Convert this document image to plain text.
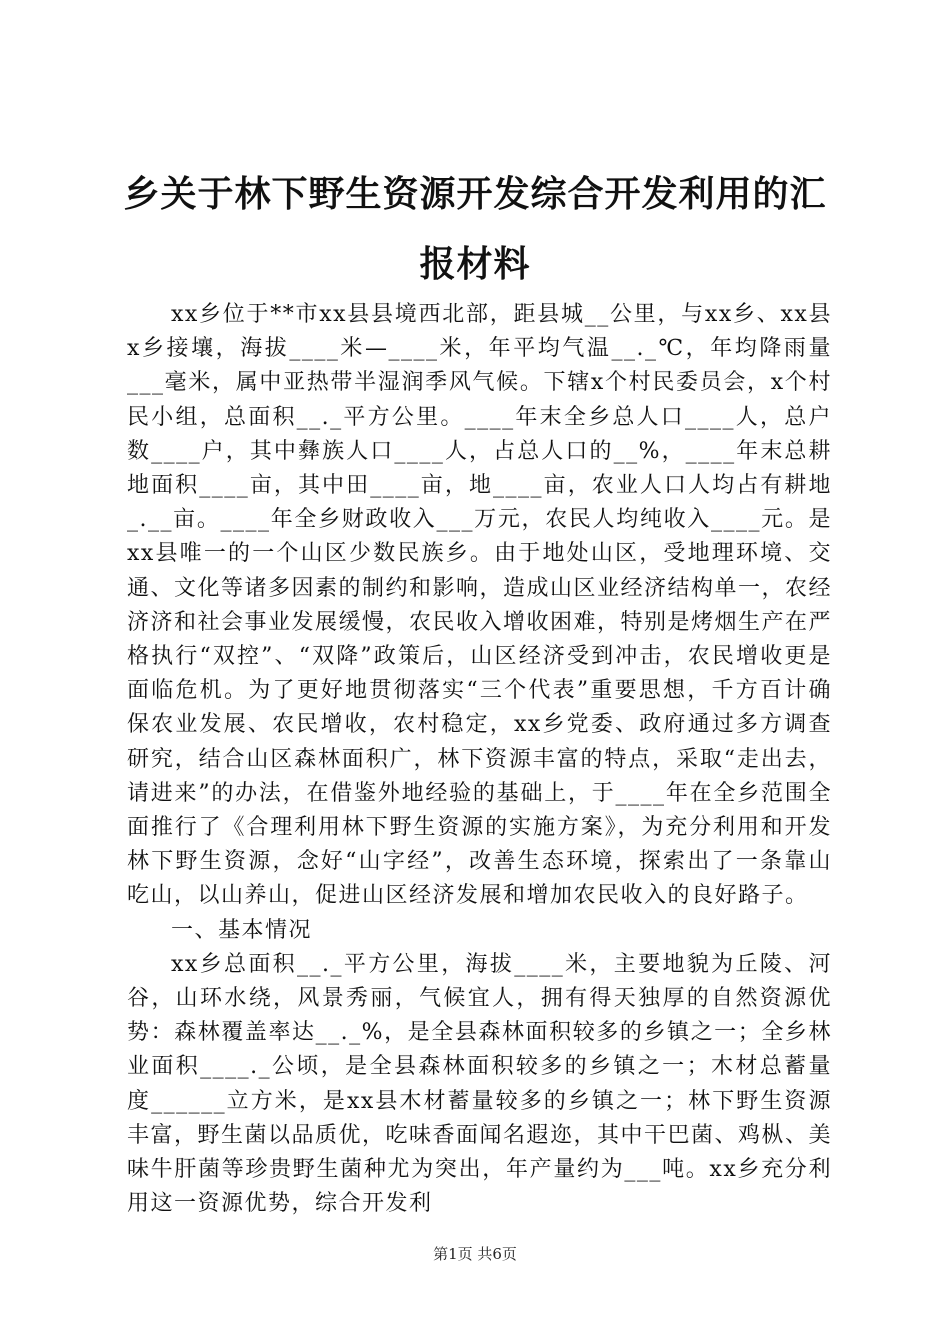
乡关于林下野生资源开发综合开发利用的汇报材料

xx乡位于**市xx县县境西北部，距县城__公里，与xx乡、xx县x乡接壤，海拔____米—____米，年平均气温__._℃，年均降雨量___毫米，属中亚热带半湿润季风气候。下辖x个村民委员会，x个村民小组，总面积__._平方公里。____年末全乡总人口____人，总户数____户，其中彝族人口____人，占总人口的__%，____年末总耕地面积____亩，其中田____亩，地____亩，农业人口人均占有耕地_.__亩。____年全乡财政收入___万元，农民人均纯收入____元。是xx县唯一的一个山区少数民族乡。由于地处山区，受地理环境、交通、文化等诸多因素的制约和影响，造成山区业经济结构单一，农经济济和社会事业发展缓慢，农民收入增收困难，特别是烤烟生产在严格执行“双控”、“双降”政策后，山区经济受到冲击，农民增收更是面临危机。为了更好地贯彻落实“三个代表”重要思想，千方百计确保农业发展、农民增收，农村稳定，xx乡党委、政府通过多方调查研究，结合山区森林面积广，林下资源丰富的特点，采取“走出去，请进来”的办法，在借鉴外地经验的基础上，于____年在全乡范围全面推行了《合理利用林下野生资源的实施方案》，为充分利用和开发林下野生资源，念好“山字经”，改善生态环境，探索出了一条靠山吃山，以山养山，促进山区经济发展和增加农民收入的良好路子。

一、基本情况

xx乡总面积__._平方公里，海拔____米，主要地貌为丘陵、河谷，山环水绕，风景秀丽，气候宜人，拥有得天独厚的自然资源优势：森林覆盖率达__._%，是全县森林面积较多的乡镇之一；全乡林业面积____._公顷，是全县森林面积较多的乡镇之一；木材总蓄量度______立方米，是xx县木材蓄量较多的乡镇之一；林下野生资源丰富，野生菌以品质优，吃味香面闻名遐迩，其中干巴菌、鸡枞、美味牛肝菌等珍贵野生菌种尤为突出，年产量约为___吨。xx乡充分利用这一资源优势，综合开发利

第1页 共6页
